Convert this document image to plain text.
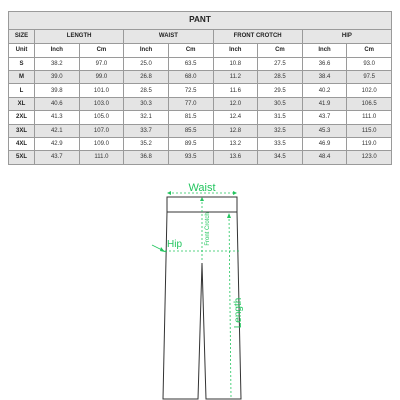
PANT								
SIZE	LENGTH		WAIST		FRONT CROTCH		HIP	
Unit	Inch	Cm	Inch	Cm	Inch	Cm	Inch	Cm
S	38.2	97.0	25.0	63.5	10.8	27.5	36.6	93.0
M	39.0	99.0	26.8	68.0	11.2	28.5	38.4	97.5
L	39.8	101.0	28.5	72.5	11.6	29.5	40.2	102.0
XL	40.6	103.0	30.3	77.0	12.0	30.5	41.9	106.5
2XL	41.3	105.0	32.1	81.5	12.4	31.5	43.7	111.0
3XL	42.1	107.0	33.7	85.5	12.8	32.5	45.3	115.0
4XL	42.9	109.0	35.2	89.5	13.2	33.5	46.9	119.0
5XL	43.7	111.0	36.8	93.5	13.6	34.5	48.4	123.0
Waist
Hip	Front Crotch
Length
